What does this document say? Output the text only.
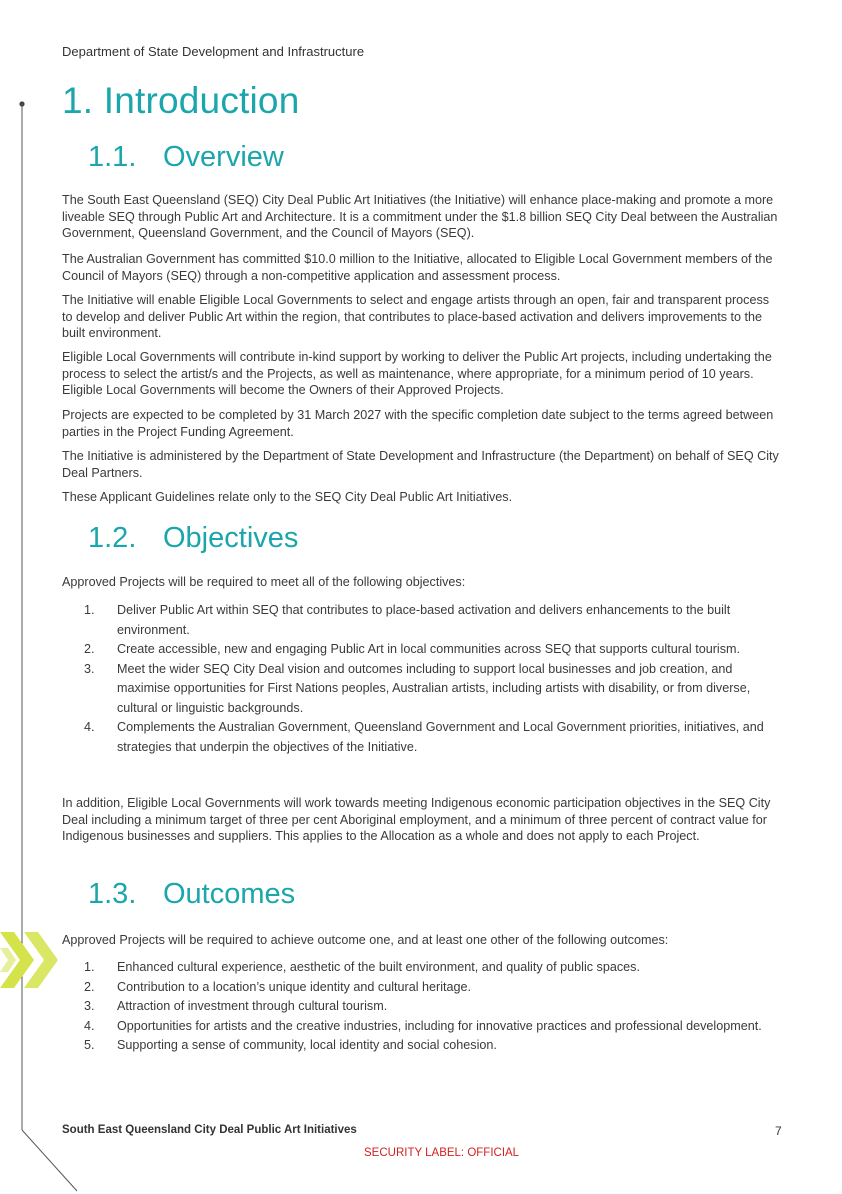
Department of State Development and Infrastructure
1. Introduction
1.1. Overview

The South East Queensland (SEQ) City Deal Public Art Initiatives (the Initiative) will enhance place-making and promote a more liveable SEQ through Public Art and Architecture. It is a commitment under the $1.8 billion SEQ City Deal between the Australian Government, Queensland Government, and the Council of Mayors (SEQ).

The Australian Government has committed $10.0 million to the Initiative, allocated to Eligible Local Government members of the Council of Mayors (SEQ) through a non-competitive application and assessment process.

The Initiative will enable Eligible Local Governments to select and engage artists through an open, fair and transparent process to develop and deliver Public Art within the region, that contributes to place-based activation and delivers improvements to the built environment.

Eligible Local Governments will contribute in-kind support by working to deliver the Public Art projects, including undertaking the process to select the artist/s and the Projects, as well as maintenance, where appropriate, for a minimum period of 10 years. Eligible Local Governments will become the Owners of their Approved Projects.

Projects are expected to be completed by 31 March 2027 with the specific completion date subject to the terms agreed between parties in the Project Funding Agreement.

The Initiative is administered by the Department of State Development and Infrastructure (the Department) on behalf of SEQ City Deal Partners.

These Applicant Guidelines relate only to the SEQ City Deal Public Art Initiatives.

1.2. Objectives

Approved Projects will be required to meet all of the following objectives:

1.	Deliver Public Art within SEQ that contributes to place-based activation and delivers enhancements to the built environment.
2.	Create accessible, new and engaging Public Art in local communities across SEQ that supports cultural tourism.
3.	Meet the wider SEQ City Deal vision and outcomes including to support local businesses and job creation, and maximise opportunities for First Nations peoples, Australian artists, including artists with disability, or from diverse, cultural or linguistic backgrounds.
4.	Complements the Australian Government, Queensland Government and Local Government priorities, initiatives, and strategies that underpin the objectives of the Initiative.

In addition, Eligible Local Governments will work towards meeting Indigenous economic participation objectives in the SEQ City Deal including a minimum target of three per cent Aboriginal employment, and a minimum of three percent of contract value for Indigenous businesses and suppliers. This applies to the Allocation as a whole and does not apply to each Project.

1.3. Outcomes

Approved Projects will be required to achieve outcome one, and at least one other of the following outcomes:

1.	Enhanced cultural experience, aesthetic of the built environment, and quality of public spaces.
2.	Contribution to a location’s unique identity and cultural heritage.
3.	Attraction of investment through cultural tourism.
4.	Opportunities for artists and the creative industries, including for innovative practices and professional development.
5.	Supporting a sense of community, local identity and social cohesion.
South East Queensland City Deal Public Art Initiatives	7
SECURITY LABEL: OFFICIAL
